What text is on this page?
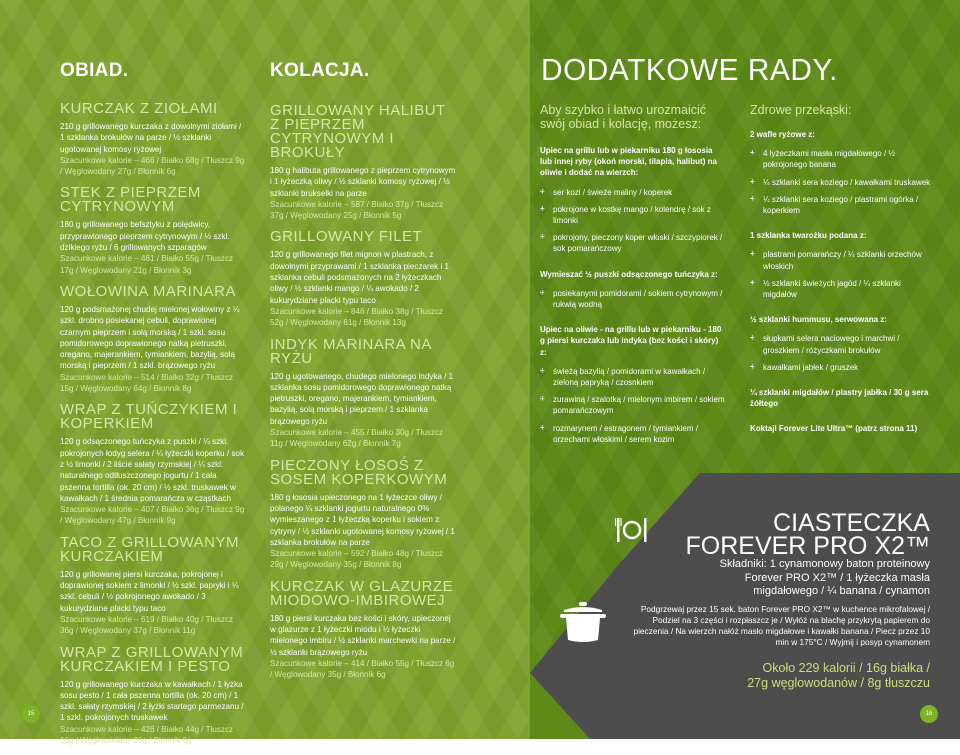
OBIAD.
KURCZAK Z ZIOŁAMI
210 g grillowanego kurczaka z dowolnymi ziołami / 1 szklanka brokułów na parze / ½ szklanki ugotowanej komosy ryżowej
Szacunkowe kalorie – 466 / Białko 68g / Tłuszcz 9g / Węglowodany 27g / Błonnik 6g
STEK Z PIEPRZEM CYTRYNOWYM
180 g grillowanego befsztyku z polędwicy, przyprawionego pieprzem cytrynowym / ½ szkl. dzikiego ryżu / 6 grillowanych szparagów
Szacunkowe kalorie – 461 / Białko 55g / Tłuszcz 17g / Węglowodany 21g / Błonnik 3g
WOŁOWINA MARINARA
120 g podsmażonej chudej mielonej wołowiny z ¼ szkl. drobno posiekanej cebuli, doprawionej czarnym pieprzem i solą morską / 1 szkl. sosu pomidorowego doprawionego natką pietruszki, oregano, majerankiem, tymiankiem, bazylią, solą morską i pieprzem / 1 szkl. brązowego ryżu
Szacunkowe kalorie – 514 / Białko 32g / Tłuszcz 15g / Węglowodany 64g / Błonnik 8g
WRAP Z TUŃCZYKIEM I KOPERKIEM
120 g odsączonego tuńczyka z puszki / ¼ szkl. pokrojonych łodyg selera / ¼ łyżeczki koperku / sok z ½ limonki / 2 liście sałaty rzymskiej / ¼ szkl. naturalnego odtłuszczonego jogurtu / 1 cała pszenna tortilla (ok. 20 cm) / ½ szkl. truskawek w kawałkach / 1 średnia pomarańcza w cząstkach
Szacunkowe kalorie – 407 / Białko 36g / Tłuszcz 9g / Węglowodany 47g / Błonnik 9g
TACO Z GRILLOWANYM KURCZAKIEM
120 g grillowanej piersi kurczaka, pokrojonej i doprawionej sokiem z limonki / ½ szkl. papryki i ¼ szkl. cebuli / ½ pokrojonego awokado / 3 kukurydziane placki typu taco
Szacunkowe kalorie – 619 / Białko 40g / Tłuszcz 36g / Węglowodany 37g / Błonnik 11g
WRAP Z GRILLOWANYM KURCZAKIEM I PESTO
120 g grillowanego kurczaka w kawałkach / 1 łyżka sosu pesto / 1 cała pszenna tortilla (ok. 20 cm) / 1 szkl. sałaty rzymskiej / 2 łyżki startego parmezanu / 1 szkl. pokrojonych truskawek
Szacunkowe kalorie – 426 / Białko 44g / Tłuszcz 16g / Węglowodany 26g / Błonnik 6g
KOLACJA.
GRILLOWANY HALIBUT Z PIEPRZEM CYTRYNOWYM I BROKUŁY
180 g halibuta grillowanego z pieprzem cytrynowym i 1 łyżeczką oliwy / ½ szklanki komosy ryżowej / ½ szklanki brukselki na parze
Szacunkowe kalorie – 587 / Białko 37g / Tłuszcz 37g / Węglowodany 25g / Błonnik 5g
GRILLOWANY FILET
120 g grillowanego filet mignon w plastrach, z dowolnymi przyprawami / 1 szklanka pieczarek i 1 szklanka cebuli podsmażonych na 2 łyżeczkach oliwy / ½ szklanki mango / ¼ awokado / 2 kukurydziane placki typu taco
Szacunkowe kalorie – 846 / Białko 38g / Tłuszcz 52g / Węglowodany 61g / Błonnik 13g
INDYK MARINARA NA RYŻU
120 g ugotowanego, chudego mielonego indyka / 1 szklanka sosu pomidorowego doprawionego natką pietruszki, oregano, majerankiem, tymiankiem, bazylią, solą morską i pieprzem / 1 szklanka brązowego ryżu
Szacunkowe kalorie – 455 / Białko 30g / Tłuszcz 11g / Węglowodany 62g / Błonnik 7g
PIECZONY ŁOSOŚ Z SOSEM KOPERKOWYM
180 g łososia upieczonego na 1 łyżeczce oliwy / polanego ¼ szklanki jogurtu naturalnego 0% wymieszanego z 1 łyżeczką koperku i sokiem z cytryny / ½ szklanki ugotowanej komosy ryżowej / 1 szklanka brokułów na parze
Szacunkowe kalorie – 592 / Białko 48g / Tłuszcz 29g / Węglowodany 35g / Błonnik 8g
KURCZAK W GLAZURZE MIODOWO-IMBIROWEJ
180 g piersi kurczaka bez kości i skóry, upieczonej w glazurze z 1 łyżeczki miodu i ½ łyżeczki mielonego imbiru / ½ szklanki marchewki na parze / ½ szklanki brązowego ryżu
Szacunkowe kalorie – 414 / Białko 55g / Tłuszcz 6g / Węglowodany 35g / Błonnik 6g
15
DODATKOWE RADY.
Aby szybko i łatwo urozmaicić swój obiad i kolację, możesz:
Upiec na grillu lub w piekarniku 180 g łososia lub innej ryby (okoń morski, tilapia, halibut) na oliwie i dodać na wierzch:
+ ser kozi / świeże maliny / koperek
+ pokrojone w kostkę mango / kolendrę / sok z limonki
+ pokrojony, pieczony koper włoski / szczypiorek / sok pomarańczowy
Wymieszać ½ puszki odsączonego tuńczyka z:
+ posiekanymi pomidorami / sokiem cytrynowym / rukwią wodną
Upiec na oliwie - na grillu lub w piekarniku - 180 g piersi kurczaka lub indyka (bez kości i skóry) z:
+ świeżą bazylią / pomidorami w kawałkach / zieloną papryką / czosnkiem
+ zurawiną / szalotką / mielonym imbirem / sokiem pomarańczowym
+ rozmarynem / estragonem / tymiankiem / orzechami włoskimi / serem kozim
Zdrowe przekąski:
2 wafle ryżowe z:
+ 4 łyżeczkami masła migdałowego / ½ pokrojonego banana
+ ¼ szklanki sera koziego / kawałkami truskawek
+ ¼ szklanki sera koziego / plastrami ogórka / koperkiem
1 szklanka twarożku podana z:
+ plastrami pomarańczy / ¼ szklanki orzechów włoskich
+ ½ szklanki świeżych jagód / ¼ szklanki migdałów
½ szklanki hummusu, serwowana z:
+ słupkami selera naciowego i marchwi / groszkiem / różyczkami brokułów
+ kawałkami jabłek / gruszek
¼ szklanki migdałów / plastry jabłka / 30 g sera żółtego
Koktajl Forever Lite Ultra™ (patrz strona 11)
CIASTECZKA
FOREVER PRO X2™
Składniki: 1 cynamonowy baton proteinowy Forever PRO X2™ / 1 łyżeczka masła migdałowego / ¼ banana / cynamon
Podgrzewaj przez 15 sek. baton Forever PRO X2™ w kuchence mikrofalowej / Podziel na 3 części i rozpłaszcz je / Wyłóż na blachę przykrytą papierem do pieczenia / Na wierzch nałóż masło migdałowe i kawałki banana / Piecz przez 10 min w 175°C / Wyjmij i posyp cynamonem
Około 229 kalorii / 16g białka /
27g węglowodanów / 8g tłuszczu
16
